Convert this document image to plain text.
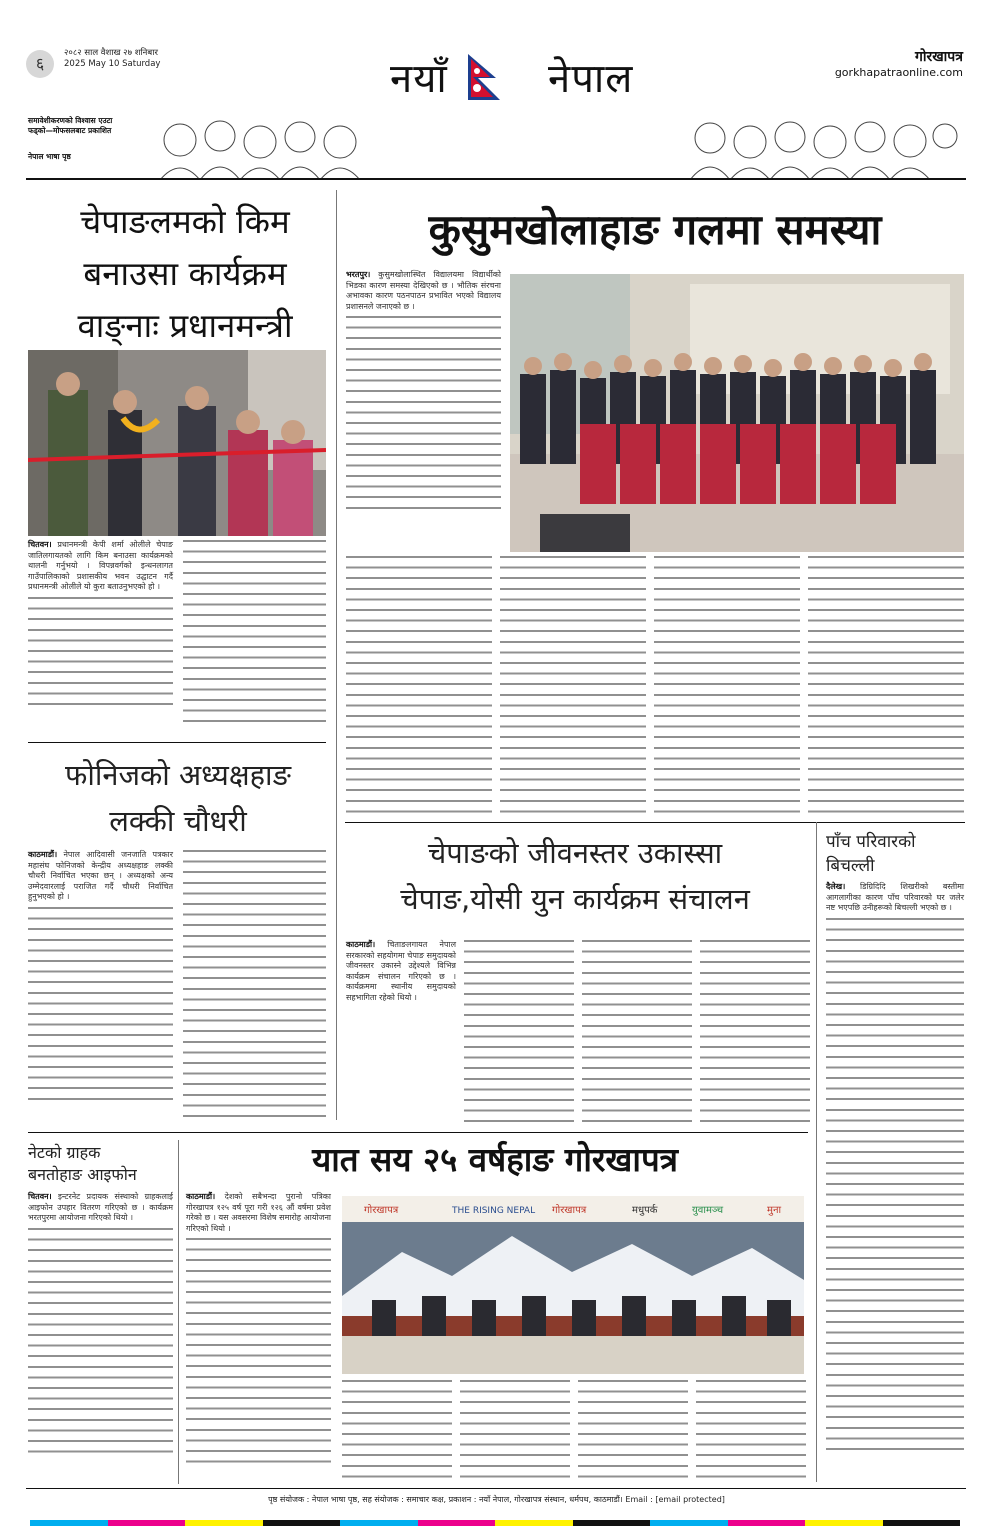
६
२०८२ साल वैशाख २७ शनिबार
2025 May 10 Saturday	नयाँ	नेपाल	गोरखापत्र
gorkhapatraonline.com
समावेशीकरणको विश्वास एउटा फड्को—मोफसलबाट प्रकाशित
नेपाल भाषा पृष्ठ
चेपाङलमको किम
बनाउसा कार्यक्रम
वाङ्नाः प्रधानमन्त्री
चितवन। प्रधानमन्त्री केपी शर्मा ओलीले चेपाङ जातिलगायतको लागि किम बनाउसा कार्यक्रमको थालनी गर्नुभयो । विपन्नवर्गको इन्धनलागत गाउँपालिकाको प्रशासकीय भवन उद्घाटन गर्दै प्रधानमन्त्री ओलीले यो कुरा बताउनुभएको हो ।
फोनिजको अध्यक्षहाङ
लक्की चौधरी
काठमाडौं। नेपाल आदिवासी जनजाति पत्रकार महासंघ फोनिजको केन्द्रीय अध्यक्षहाङ लक्की चौधरी निर्वाचित भएका छन् । अध्यक्षको अन्य उम्मेदवारलाई पराजित गर्दै चौधरी निर्वाचित हुनुभएको हो ।
कुसुमखोलाहाङ गलमा समस्या
भरतपुर। कुसुमखोलास्थित विद्यालयमा विद्यार्थीको भिडका कारण समस्या देखिएको छ । भौतिक संरचना अभावका कारण पठनपाठन प्रभावित भएको विद्यालय प्रशासनले जनाएको छ ।
चेपाङको जीवनस्तर उकास्सा
चेपाङ,योसी युन कार्यक्रम संचालन
काठमाडौं। चिताङलगायत नेपाल सरकारको सहयोगमा चेपाङ समुदायको जीवनस्तर उकास्ने उद्देश्यले विभिन्न कार्यक्रम संचालन गरिएको छ । कार्यक्रममा स्थानीय समुदायको सहभागिता रहेको थियो ।
पाँच परिवारको
बिचल्ली
दैलेख। डिग्रिदिदि शिखरीको बस्तीमा आगलागीका कारण पाँच परिवारको घर जलेर नष्ट भएपछि उनीहरूको बिचल्ली भएको छ ।
यात सय २५ वर्षहाङ गोरखापत्र
नेटको ग्राहक
बनतोहाङ आइफोन
चितवन। इन्टरनेट प्रदायक संस्थाको ग्राहकलाई आइफोन उपहार वितरण गरिएको छ । कार्यक्रम भरतपुरमा आयोजना गरिएको थियो ।
काठमाडौं। देशको सबैभन्दा पुरानो पत्रिका गोरखापत्र १२५ वर्ष पूरा गरी १२६ औं वर्षमा प्रवेश गरेको छ । यस अवसरमा विशेष समारोह आयोजना गरिएको थियो ।
गोरखापत्र	THE RISING NEPAL गोरखापत्र	मधुपर्क	युवामञ्च	मुना
पृष्ठ संयोजक : नेपाल भाषा पृष्ठ, सह संयोजक : समाचार कक्ष, प्रकाशन : नयाँ नेपाल, गोरखापत्र संस्थान, धर्मपथ, काठमाडौं। Email : [email protected]
